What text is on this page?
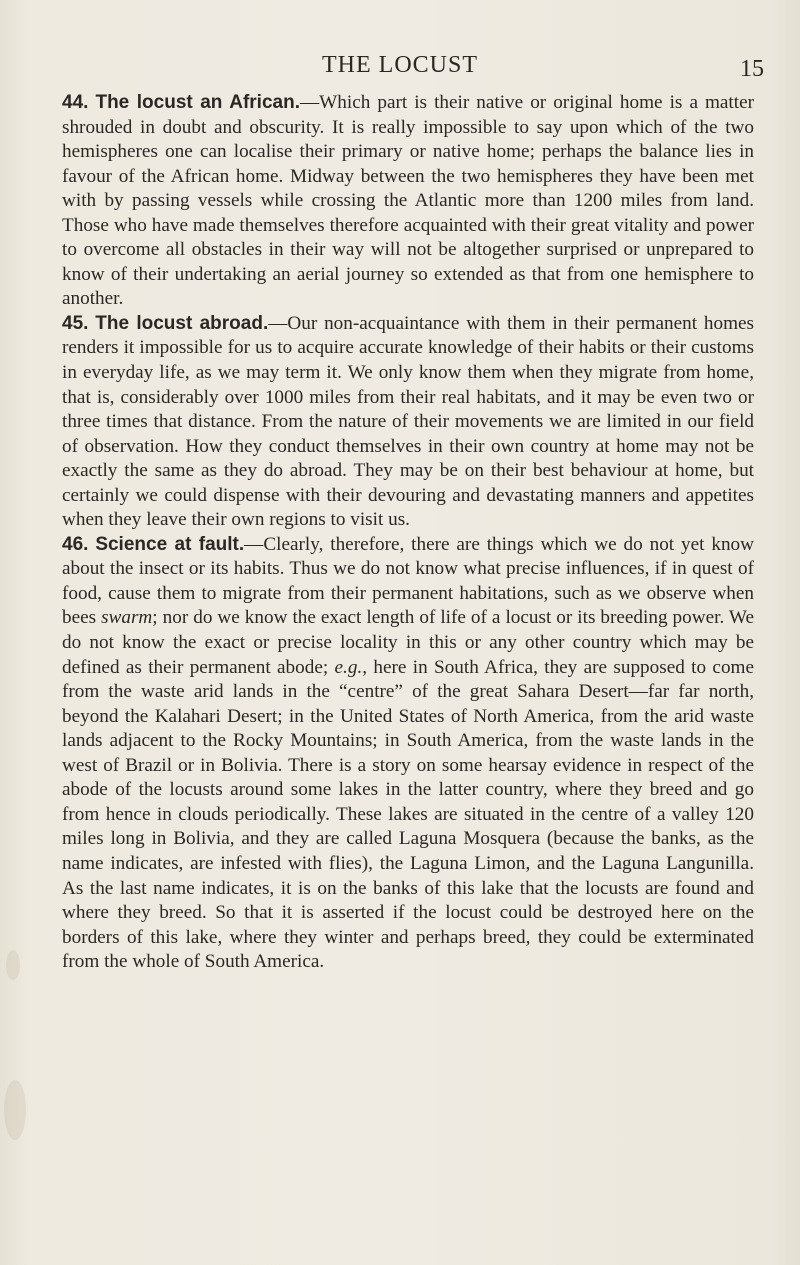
THE LOCUST	15

44. The locust an African.—Which part is their native or original home is a matter shrouded in doubt and obscurity. It is really impossible to say upon which of the two hemispheres one can localise their primary or native home; perhaps the balance lies in favour of the African home. Midway between the two hemispheres they have been met with by passing vessels while crossing the Atlantic more than 1200 miles from land. Those who have made themselves therefore acquainted with their great vitality and power to overcome all obstacles in their way will not be altogether surprised or unprepared to know of their undertaking an aerial journey so extended as that from one hemisphere to another.

45. The locust abroad.—Our non-acquaintance with them in their permanent homes renders it impossible for us to acquire accurate knowledge of their habits or their customs in everyday life, as we may term it. We only know them when they migrate from home, that is, considerably over 1000 miles from their real habitats, and it may be even two or three times that distance. From the nature of their movements we are limited in our field of observation. How they conduct themselves in their own country at home may not be exactly the same as they do abroad. They may be on their best behaviour at home, but certainly we could dispense with their devouring and devastating manners and appetites when they leave their own regions to visit us.

46. Science at fault.—Clearly, therefore, there are things which we do not yet know about the insect or its habits. Thus we do not know what precise influences, if in quest of food, cause them to migrate from their permanent habitations, such as we observe when bees swarm; nor do we know the exact length of life of a locust or its breeding power. We do not know the exact or precise locality in this or any other country which may be defined as their permanent abode; e.g., here in South Africa, they are supposed to come from the waste arid lands in the “centre” of the great Sahara Desert—far far north, beyond the Kalahari Desert; in the United States of North America, from the arid waste lands adjacent to the Rocky Mountains; in South America, from the waste lands in the west of Brazil or in Bolivia. There is a story on some hearsay evidence in respect of the abode of the locusts around some lakes in the latter country, where they breed and go from hence in clouds periodically. These lakes are situated in the centre of a valley 120 miles long in Bolivia, and they are called Laguna Mosquera (because the banks, as the name indicates, are infested with flies), the Laguna Limon, and the Laguna Langunilla. As the last name indicates, it is on the banks of this lake that the locusts are found and where they breed. So that it is asserted if the locust could be destroyed here on the borders of this lake, where they winter and perhaps breed, they could be exterminated from the whole of South America.
